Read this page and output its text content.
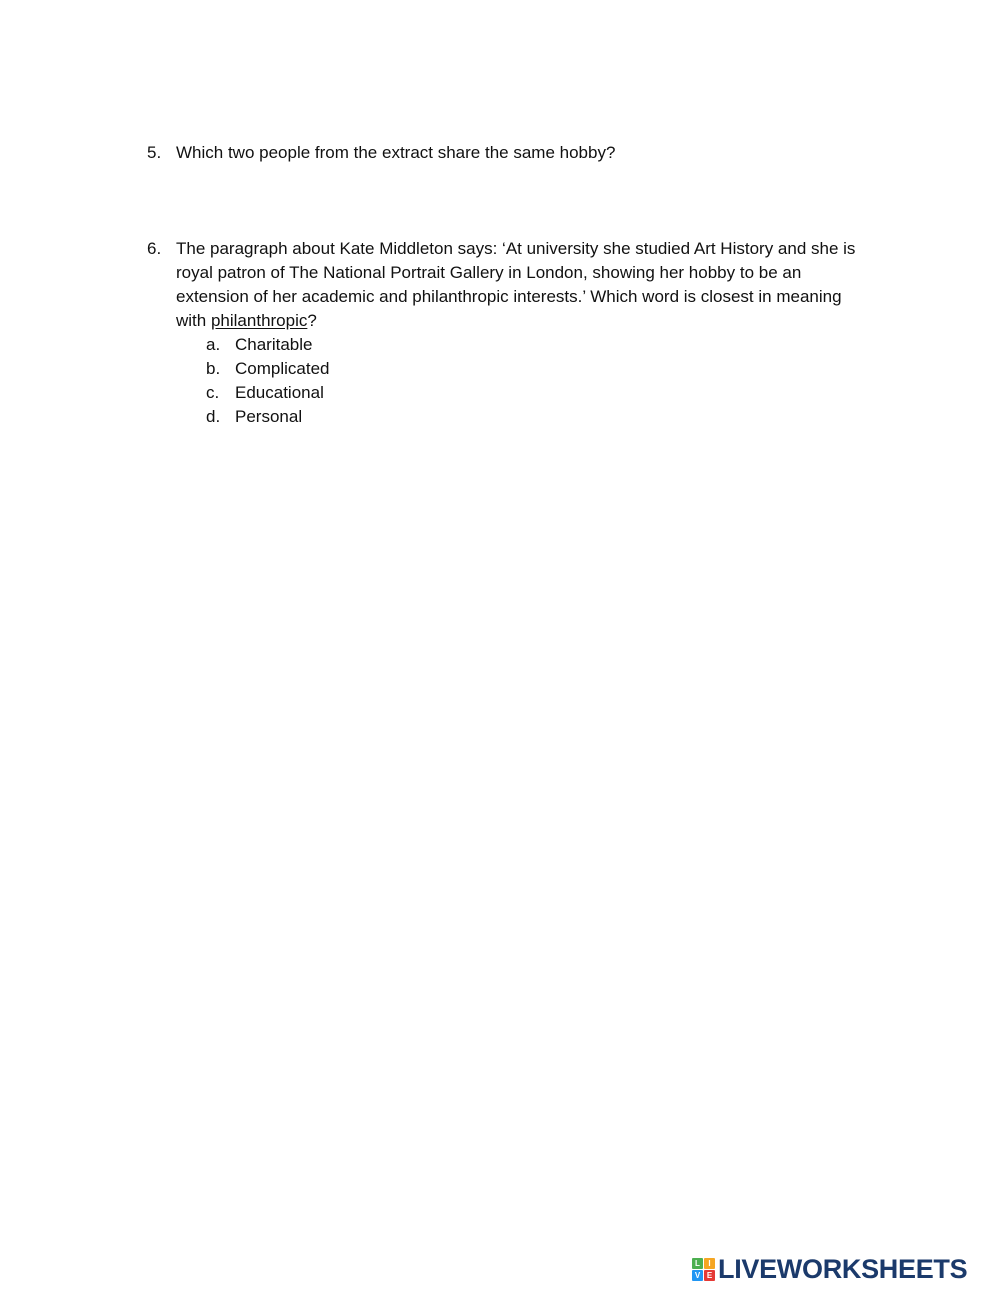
5. Which two people from the extract share the same hobby?
6. The paragraph about Kate Middleton says: ‘At university she studied Art History and she is royal patron of The National Portrait Gallery in London, showing her hobby to be an extension of her academic and philanthropic interests.’ Which word is closest in meaning with philanthropic?
a. Charitable
b. Complicated
c. Educational
d. Personal
L	I
V E LIVEWORKSHEETS
